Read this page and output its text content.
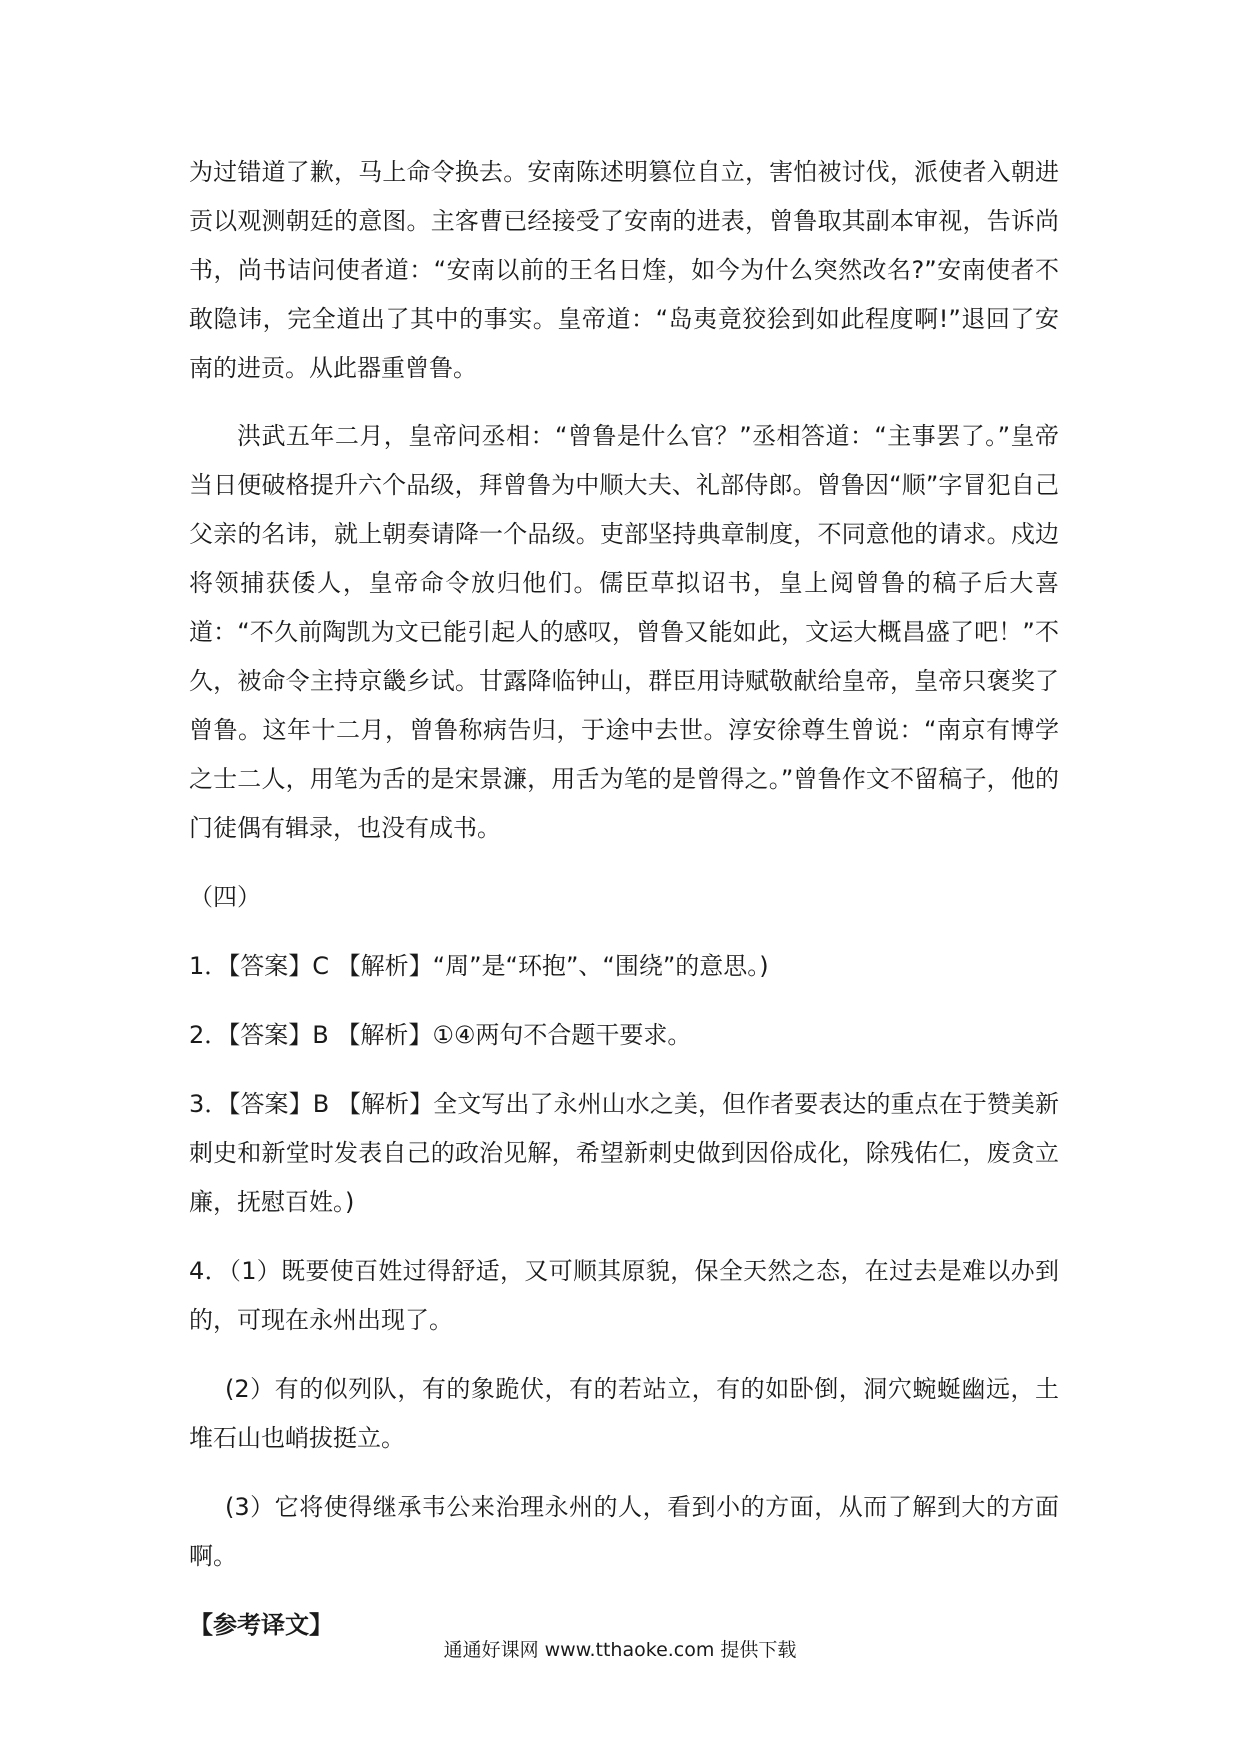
为过错道了歉，马上命令换去。安南陈述明篡位自立，害怕被讨伐，派使者入朝进贡以观测朝廷的意图。主客曹已经接受了安南的进表，曾鲁取其副本审视，告诉尚书，尚书诘问使者道：“安南以前的王名日煃，如今为什么突然改名?”安南使者不敢隐讳，完全道出了其中的事实。皇帝道：“岛夷竟狡狯到如此程度啊!”退回了安南的进贡。从此器重曾鲁。

洪武五年二月，皇帝问丞相：“曾鲁是什么官？”丞相答道：“主事罢了。”皇帝当日便破格提升六个品级，拜曾鲁为中顺大夫、礼部侍郎。曾鲁因“顺”字冒犯自己父亲的名讳，就上朝奏请降一个品级。吏部坚持典章制度，不同意他的请求。戍边将领捕获倭人，皇帝命令放归他们。儒臣草拟诏书，皇上阅曾鲁的稿子后大喜道：“不久前陶凯为文已能引起人的感叹，曾鲁又能如此，文运大概昌盛了吧！”不久，被命令主持京畿乡试。甘露降临钟山，群臣用诗赋敬献给皇帝，皇帝只褒奖了曾鲁。这年十二月，曾鲁称病告归，于途中去世。淳安徐尊生曾说：“南京有博学之士二人，用笔为舌的是宋景濂，用舌为笔的是曾得之。”曾鲁作文不留稿子，他的门徒偶有辑录，也没有成书。

（四）

1．【答案】C 【解析】“周”是“环抱”、“围绕”的意思。)

2．【答案】B 【解析】①④两句不合题干要求。

3．【答案】B 【解析】全文写出了永州山水之美，但作者要表达的重点在于赞美新刺史和新堂时发表自己的政治见解，希望新刺史做到因俗成化，除残佑仁，废贪立廉，抚慰百姓。)

4．（1）既要使百姓过得舒适，又可顺其原貌，保全天然之态，在过去是难以办到的，可现在永州出现了。

(2）有的似列队，有的象跪伏，有的若站立，有的如卧倒，洞穴蜿蜒幽远，土堆石山也峭拔挺立。

(3）它将使得继承韦公来治理永州的人，看到小的方面，从而了解到大的方面啊。

【参考译文】

通通好课网 www.tthaoke.com 提供下载
